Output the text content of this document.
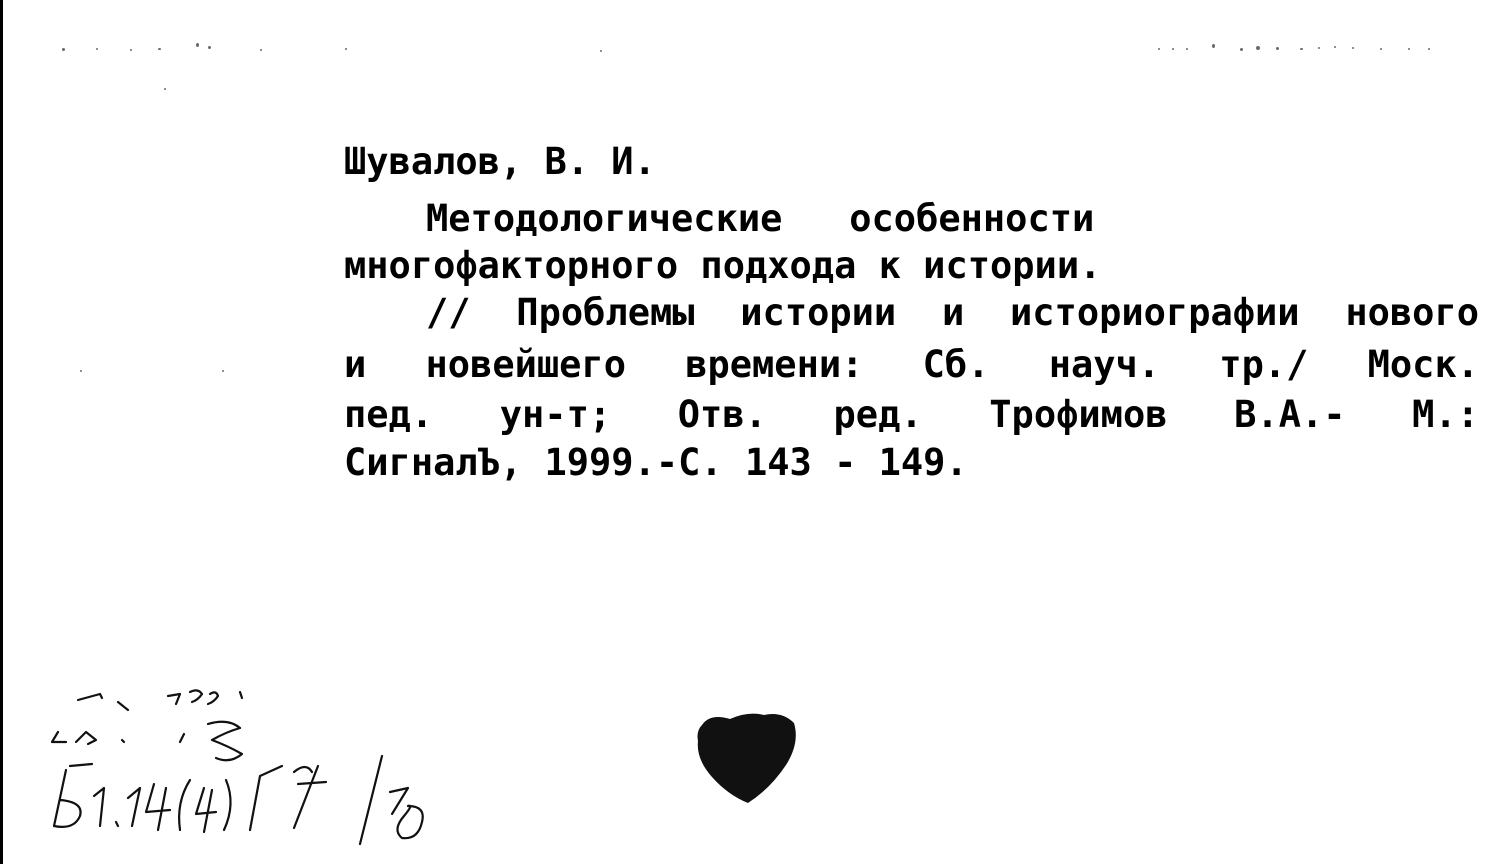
Шувалов, В. И.
Методологические   особенности
многофакторного подхода к истории.
// Проблемы истории и историографии нового
и новейшего времени: Сб. науч. тр./ Моск.
пед. ун-т; Отв. ред. Трофимов В.А.- М.:
СигналЪ, 1999.-С. 143 - 149.
